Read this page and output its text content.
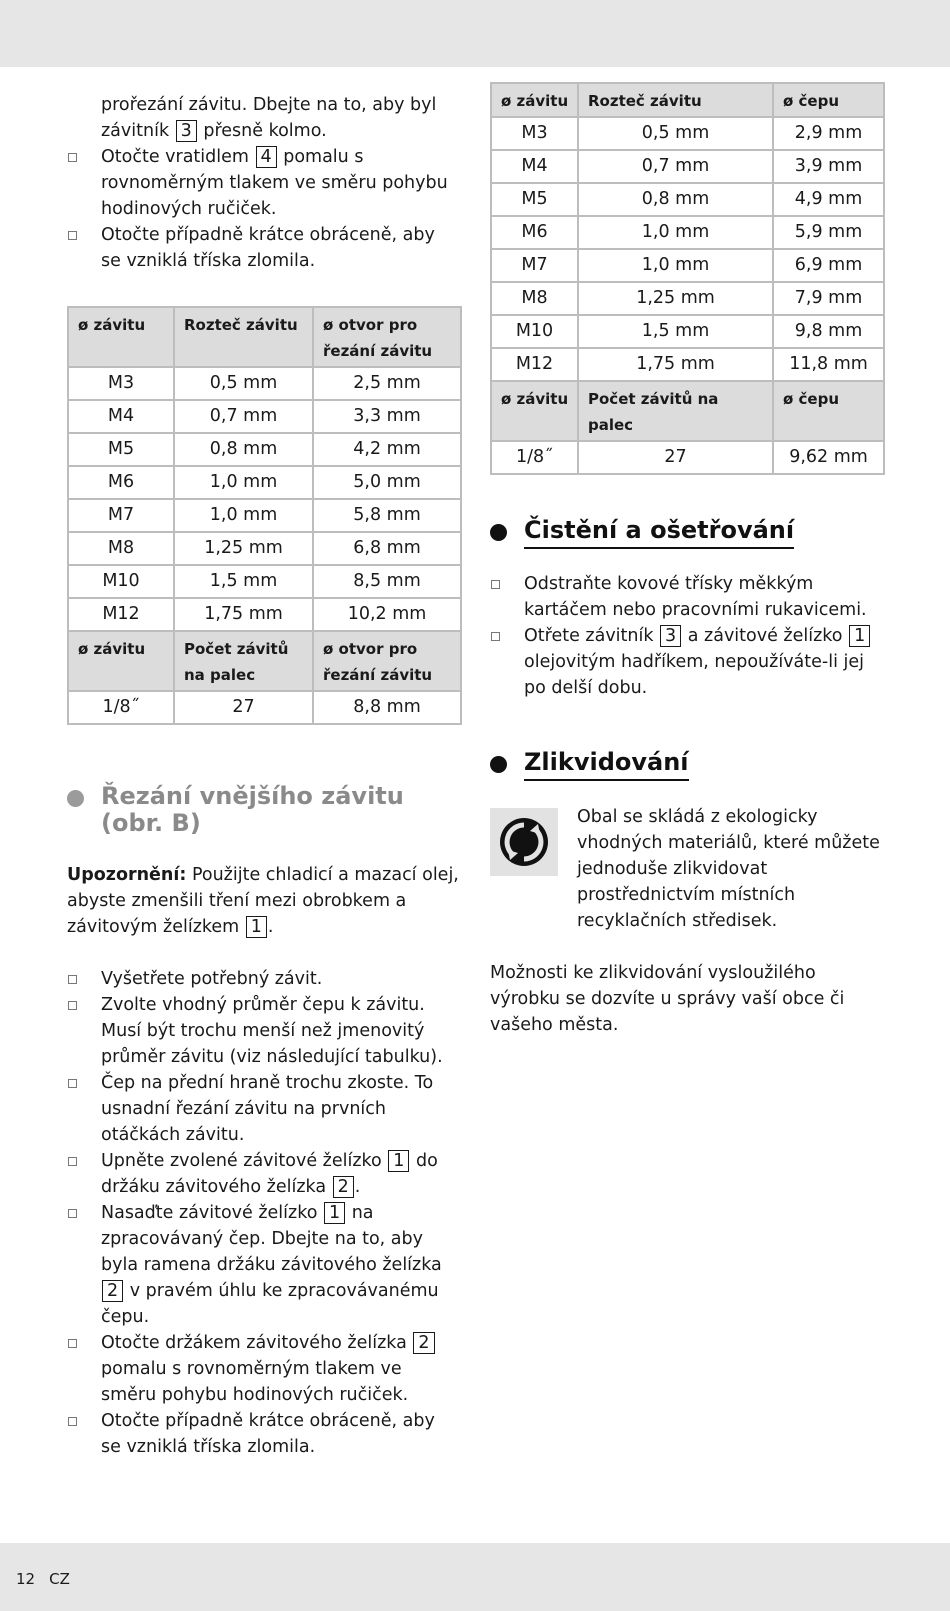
prořezání závitu. Dbejte na to, aby byl závitník 3 přesně kolmo.

Otočte vratidlem 4 pomalu s rovnoměrným tlakem ve směru pohybu hodinových ručiček.
Otočte případně krátce obráceně, aby se vzniklá tříska zlomila.
ø závitu	Rozteč závitu	ø otvor pro řezání závitu
M3	0,5 mm	2,5 mm
M4	0,7 mm	3,3 mm
M5	0,8 mm	4,2 mm
M6	1,0 mm	5,0 mm
M7	1,0 mm	5,8 mm
M8	1,25 mm	6,8 mm
M10	1,5 mm	8,5 mm
M12	1,75 mm	10,2 mm
ø závitu	Počet závitů na palec	ø otvor pro řezání závitu
1/8˝	27	8,8 mm
Řezání vnějšího závitu (obr. B)

Upozornění: Použijte chladicí a mazací olej, abyste zmenšili tření mezi obrobkem a závitovým želízkem 1 .

Vyšetřete potřebný závit.
Zvolte vhodný průměr čepu k závitu. Musí být trochu menší než jmenovitý průměr závitu (viz následující tabulku).
Čep na přední hraně trochu zkoste. To usnadní řezání závitu na prvních otáčkách závitu.
Upněte zvolené závitové želízko 1 do držáku závitového želízka 2 .
Nasaďte závitové želízko 1 na zpracovávaný čep. Dbejte na to, aby byla ramena držáku závitového želízka 2 v pravém úhlu ke zpracovávanému čepu.
Otočte držákem závitového želízka 2 pomalu s rovnoměrným tlakem ve směru pohybu hodinových ručiček.
Otočte případně krátce obráceně, aby se vzniklá tříska zlomila.
ø závitu	Rozteč závitu	ø čepu
M3	0,5 mm	2,9 mm
M4	0,7 mm	3,9 mm
M5	0,8 mm	4,9 mm
M6	1,0 mm	5,9 mm
M7	1,0 mm	6,9 mm
M8	1,25 mm	7,9 mm
M10	1,5 mm	9,8 mm
M12	1,75 mm	11,8 mm
ø závitu	Počet závitů na palec	ø čepu
1/8˝	27	9,62 mm
Čistění a ošetřování
Odstraňte kovové třísky měkkým kartáčem nebo pracovními rukavicemi.
Otřete závitník 3 a závitové želízko 1 olejovitým hadříkem, nepoužíváte-li jej po delší dobu.
Zlikvidování

Obal se skládá z ekologicky vhodných materiálů, které můžete jednoduše zlikvidovat prostřednictvím místních recyklačních středisek.

Možnosti ke zlikvidování vysloužilého výrobku se dozvíte u správy vaší obce či vašeho města.

12 CZ
